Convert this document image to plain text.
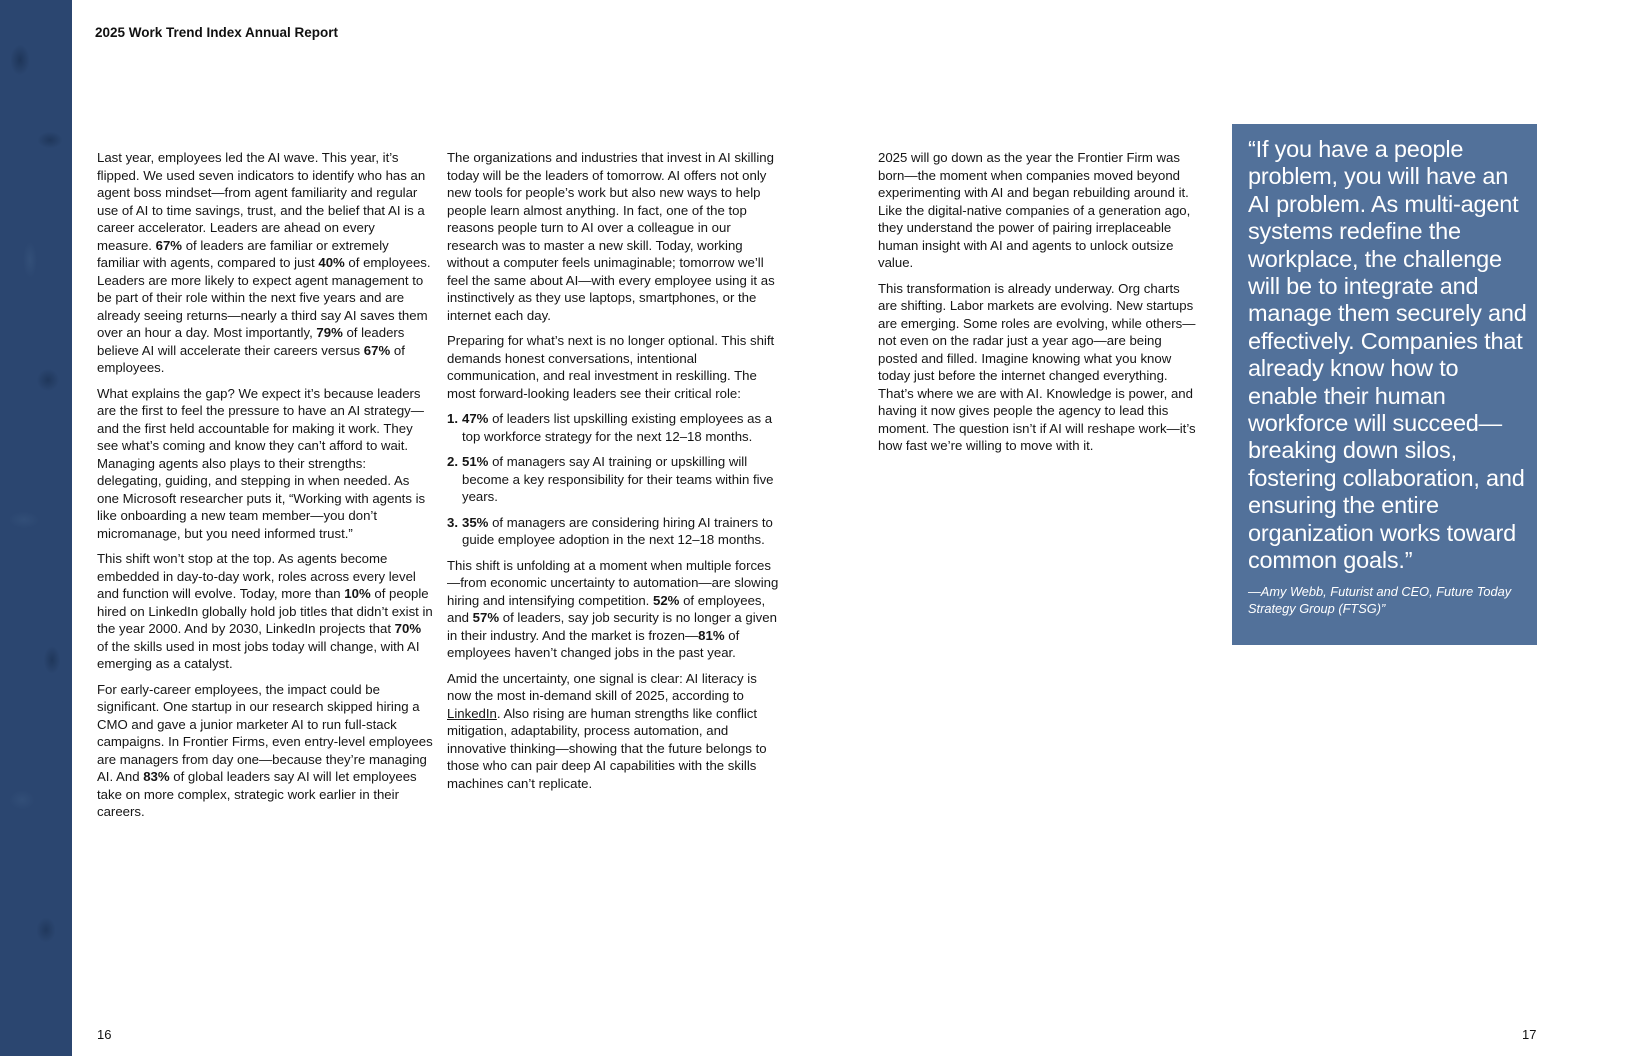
2025 Work Trend Index Annual Report

Last year, employees led the AI wave. This year, it’s flipped. We used seven indicators to identify who has an agent boss mindset—from agent familiarity and regular use of AI to time savings, trust, and the belief that AI is a career accelerator. Leaders are ahead on every measure. 67% of leaders are familiar or extremely familiar with agents, compared to just 40% of employees. Leaders are more likely to expect agent management to be part of their role within the next five years and are already seeing returns—nearly a third say AI saves them over an hour a day. Most importantly, 79% of leaders believe AI will accelerate their careers versus 67% of employees.

What explains the gap? We expect it’s because leaders are the first to feel the pressure to have an AI strategy—and the first held accountable for making it work. They see what’s coming and know they can’t afford to wait. Managing agents also plays to their strengths: delegating, guiding, and stepping in when needed. As one Microsoft researcher puts it, “Working with agents is like onboarding a new team member—you don’t micromanage, but you need informed trust.”

This shift won’t stop at the top. As agents become embedded in day-to-day work, roles across every level and function will evolve. Today, more than 10% of people hired on LinkedIn globally hold job titles that didn’t exist in the year 2000. And by 2030, LinkedIn projects that 70% of the skills used in most jobs today will change, with AI emerging as a catalyst.

For early-career employees, the impact could be significant. One startup in our research skipped hiring a CMO and gave a junior marketer AI to run full-stack campaigns. In Frontier Firms, even entry-level employees are managers from day one—because they’re managing AI. And 83% of global leaders say AI will let employees take on more complex, strategic work earlier in their careers.

The organizations and industries that invest in AI skilling today will be the leaders of tomorrow. AI offers not only new tools for people’s work but also new ways to help people learn almost anything. In fact, one of the top reasons people turn to AI over a colleague in our research was to master a new skill. Today, working without a computer feels unimaginable; tomorrow we’ll feel the same about AI—with every employee using it as instinctively as they use laptops, smartphones, or the internet each day.

Preparing for what’s next is no longer optional. This shift demands honest conversations, intentional communication, and real investment in reskilling. The most forward-looking leaders see their critical role:

1. 47% of leaders list upskilling existing employees as a top workforce strategy for the next 12–18 months.
2. 51% of managers say AI training or upskilling will become a key responsibility for their teams within five years.
3. 35% of managers are considering hiring AI trainers to guide employee adoption in the next 12–18 months.

This shift is unfolding at a moment when multiple forces—from economic uncertainty to automation—are slowing hiring and intensifying competition. 52% of employees, and 57% of leaders, say job security is no longer a given in their industry. And the market is frozen—81% of employees haven’t changed jobs in the past year.

Amid the uncertainty, one signal is clear: AI literacy is now the most in-demand skill of 2025, according to LinkedIn. Also rising are human strengths like conflict mitigation, adaptability, process automation, and innovative thinking—showing that the future belongs to those who can pair deep AI capabilities with the skills machines can’t replicate.

2025 will go down as the year the Frontier Firm was born—the moment when companies moved beyond experimenting with AI and began rebuilding around it. Like the digital-native companies of a generation ago, they understand the power of pairing irreplaceable human insight with AI and agents to unlock outsize value.

This transformation is already underway. Org charts are shifting. Labor markets are evolving. New startups are emerging. Some roles are evolving, while others—not even on the radar just a year ago—are being posted and filled. Imagine knowing what you know today just before the internet changed everything. That’s where we are with AI. Knowledge is power, and having it now gives people the agency to lead this moment. The question isn’t if AI will reshape work—it’s how fast we’re willing to move with it.

“If you have a people problem, you will have an AI problem. As multi-agent systems redefine the workplace, the challenge will be to integrate and manage them securely and effectively. Companies that already know how to enable their human workforce will succeed—breaking down silos, fostering collaboration, and ensuring the entire organization works toward common goals.”
—Amy Webb, Futurist and CEO, Future Today Strategy Group (FTSG)”
16	17
